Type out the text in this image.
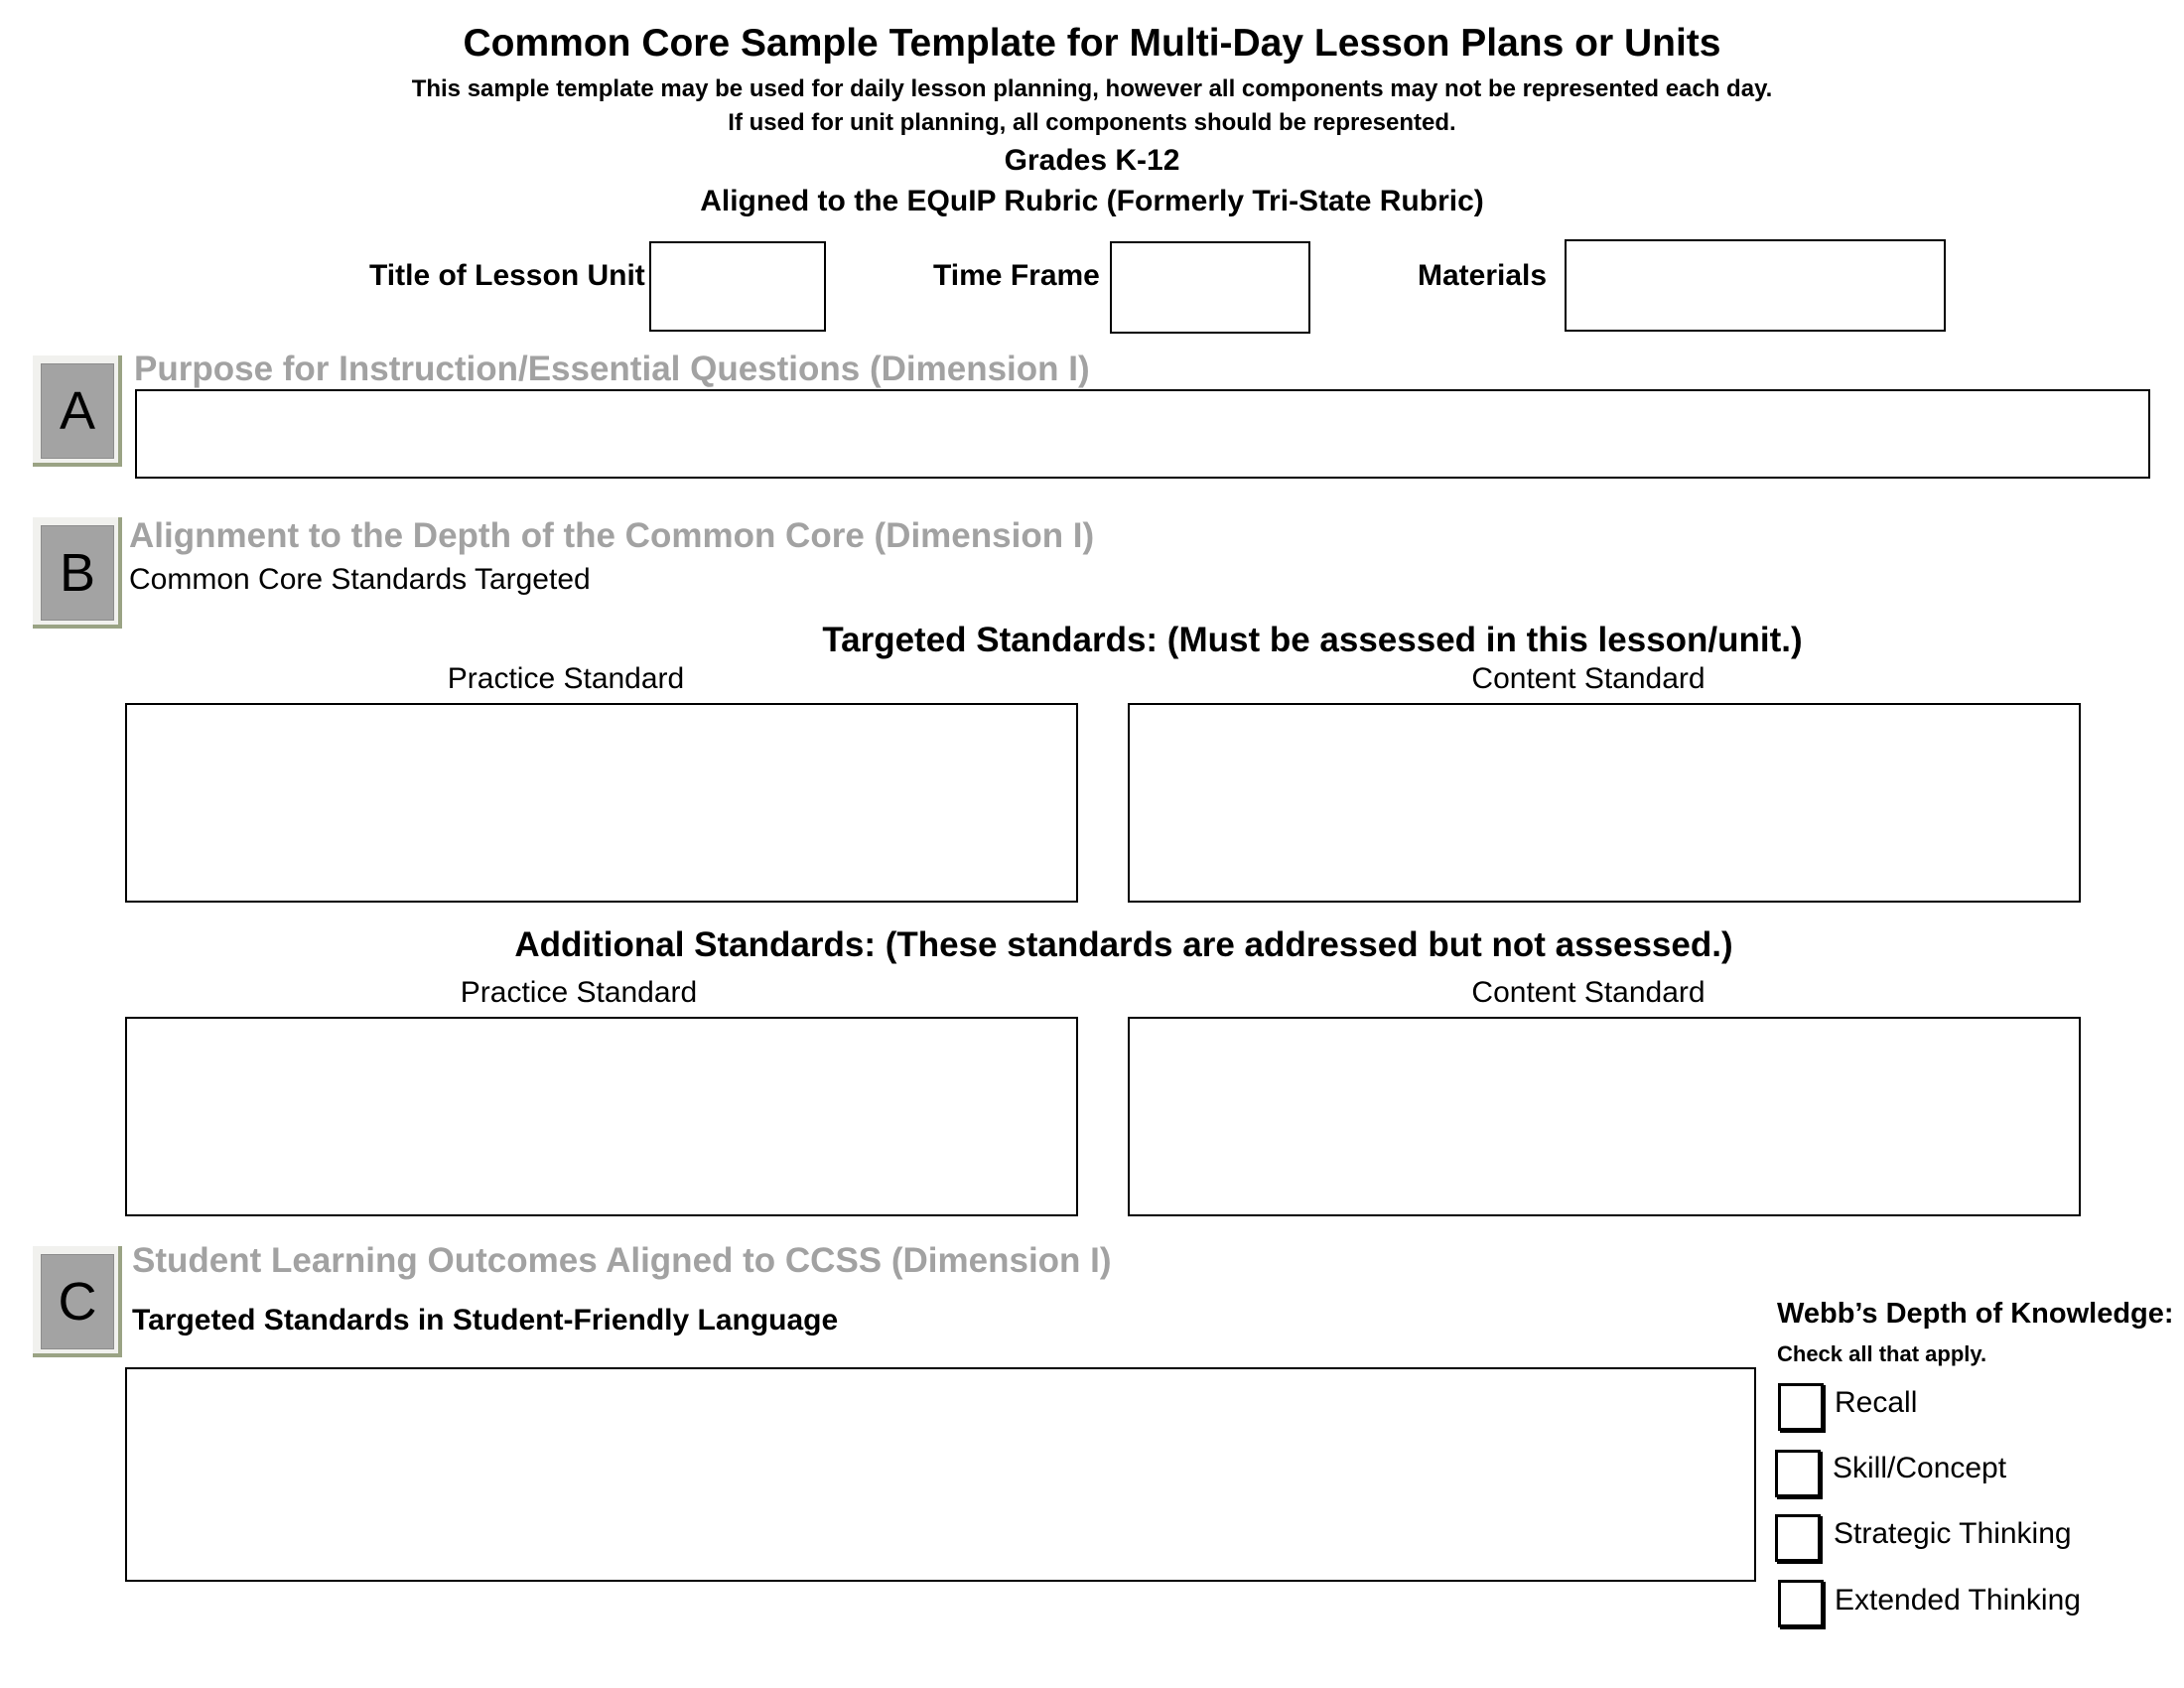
Common Core Sample Template for Multi-Day Lesson Plans or Units
This sample template may be used for daily lesson planning, however all components may not be represented each day.
If used for unit planning, all components should be represented.
Grades K-12
Aligned to the EQuIP Rubric (Formerly Tri-State Rubric)
Title of Lesson Unit	Time Frame	Materials
A
Purpose for Instruction/Essential Questions (Dimension I)
B
Alignment to the Depth of the Common Core (Dimension I)
Common Core Standards Targeted
Targeted Standards: (Must be assessed in this lesson/unit.)
Practice Standard	Content Standard
Additional Standards: (These standards are addressed but not assessed.)
Practice Standard	Content Standard
C
Student Learning Outcomes Aligned to CCSS (Dimension I)
Targeted Standards in Student-Friendly Language	Webb’s Depth of Knowledge:
Check all that apply.
Recall
Skill/Concept
Strategic Thinking
Extended Thinking
